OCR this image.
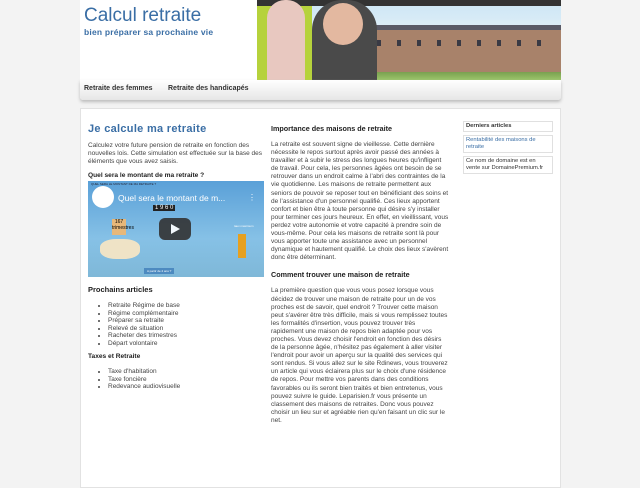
Calcul retraite
bien préparer sa prochaine vie
Retraite des femmes Retraite des handicapés
Je calcule ma retraite

Calculez votre future pension de retraite en fonction des nouvelles lois. Cette simulation est effectuée sur la base des éléments que vous avez saisis.

Quel sera le montant de ma retraite ?
QUEL SERA LE MONTANT DE MA RETRAITE ?
Quel sera le montant de m...	⋮
1 9 6 0
167 trimestres	taux maximum
A partir de 2 ans ?
Prochains articles
• Retraite Régime de base
• Régime complémentaire
• Préparer sa retraite
• Relevé de situation
• Racheter des trimestres
• Départ volontaire
Taxes et Retraite
• Taxe d'habitation
• Taxe foncière
• Redevance audiovisuelle
Importance des maisons de retraite

La retraite est souvent signe de vieillesse. Cette dernière nécessite le repos surtout après avoir passé des années à travailler et à subir le stress des longues heures qu'infligent de travail. Pour cela, les personnes âgées ont besoin de se retrouver dans un endroit calme à l'abri des contraintes de la vie quotidienne. Les maisons de retraite permettent aux seniors de pouvoir se reposer tout en bénéficiant des soins et de l'assistance d'un personnel qualifié. Ces lieux apportent confort et bien être à toute personne qui désire s'y installer pour terminer ces jours heureux. En effet, en vieillissant, vous perdez votre autonomie et votre capacité à prendre soin de vous-même. Pour cela les maisons de retraite sont là pour vous apporter toute une assistance avec un personnel dynamique et hautement qualifié. Le choix des lieux s'avèrent donc être déterminant.

Comment trouver une maison de retraite

La première question que vous vous posez lorsque vous décidez de trouver une maison de retraite pour un de vos proches est de savoir, quel endroit ? Trouver cette maison peut s'avérer être très difficile, mais si vous remplissez toutes les formalités d'insertion, vous pouvez trouver très rapidement une maison de repos bien adaptée pour vos proches. Vous devez choisir l'endroit en fonction des désirs de la personne âgée, n'hésitez pas également à aller visiter l'endroit pour avoir un aperçu sur la qualité des services qui sont rendus. Si vous allez sur le site Rdinews, vous trouverez un article qui vous éclairera plus sur le choix d'une résidence de repos. Pour mettre vos parents dans des conditions favorables ou ils seront bien traités et bien entretenus, vous pouvez suivre le guide. Leparisien.fr vous présente un classement des maisons de retraites. Donc vous pouvez choisir un lieu sur et agréable rien qu'en faisant un clic sur le net.

Derniers articles
Rentabilité des maisons de retraite
Ce nom de domaine est en vente sur DomainePremium.fr
